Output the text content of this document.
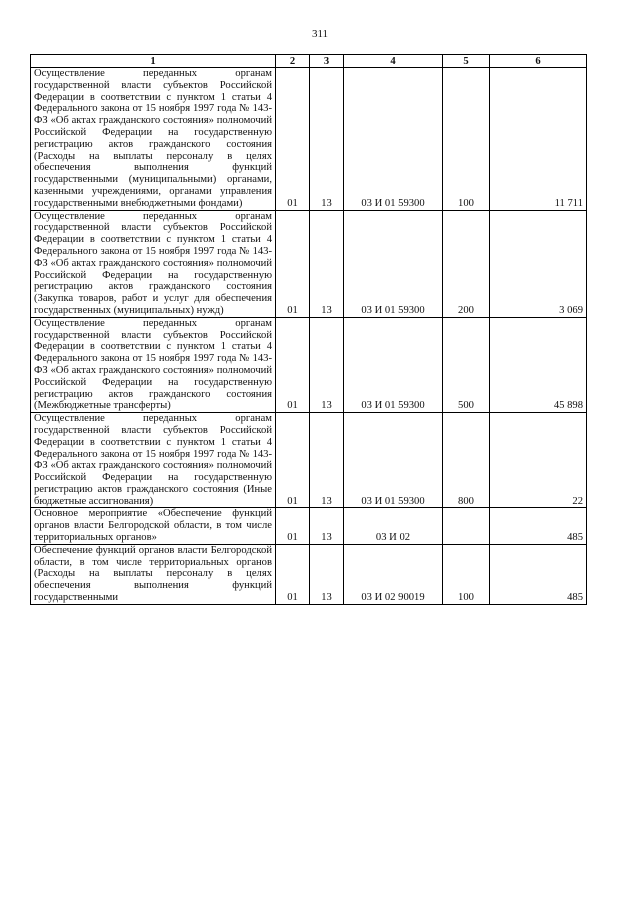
311
1	2	3	4	5	6
Осуществление переданных органам государственной власти субъектов Российской Федерации в соответствии с пунктом 1 статьи 4 Федерального закона от 15 ноября 1997 года № 143-ФЗ «Об актах гражданского состояния» полномочий Российской Федерации на государственную регистрацию актов гражданского состояния (Расходы на выплаты персоналу в целях обеспечения выполнения функций государственными (муниципальными) органами, казенными учреждениями, органами управления государственными внебюджетными фондами)	01	13	03 И 01 59300	100	11 711
Осуществление переданных органам государственной власти субъектов Российской Федерации в соответствии с пунктом 1 статьи 4 Федерального закона от 15 ноября 1997 года № 143-ФЗ «Об актах гражданского состояния» полномочий Российской Федерации на государственную регистрацию актов гражданского состояния (Закупка товаров, работ и услуг для обеспечения государственных (муниципальных) нужд)	01	13	03 И 01 59300	200	3 069
Осуществление переданных органам государственной власти субъектов Российской Федерации в соответствии с пунктом 1 статьи 4 Федерального закона от 15 ноября 1997 года № 143-ФЗ «Об актах гражданского состояния» полномочий Российской Федерации на государственную регистрацию актов гражданского состояния (Межбюджетные трансферты)	01	13	03 И 01 59300	500	45 898
Осуществление переданных органам государственной власти субъектов Российской Федерации в соответствии с пунктом 1 статьи 4 Федерального закона от 15 ноября 1997 года № 143-ФЗ «Об актах гражданского состояния» полномочий Российской Федерации на государственную регистрацию актов гражданского состояния (Иные бюджетные ассигнования)	01	13	03 И 01 59300	800	22
Основное мероприятие «Обеспечение функций органов власти Белгородской области, в том числе территориальных органов»	01	13	03 И 02		485
Обеспечение функций органов власти Белгородской области, в том числе территориальных органов (Расходы на выплаты персоналу в целях обеспечения выполнения функций государственными	01	13	03 И 02 90019	100	485
